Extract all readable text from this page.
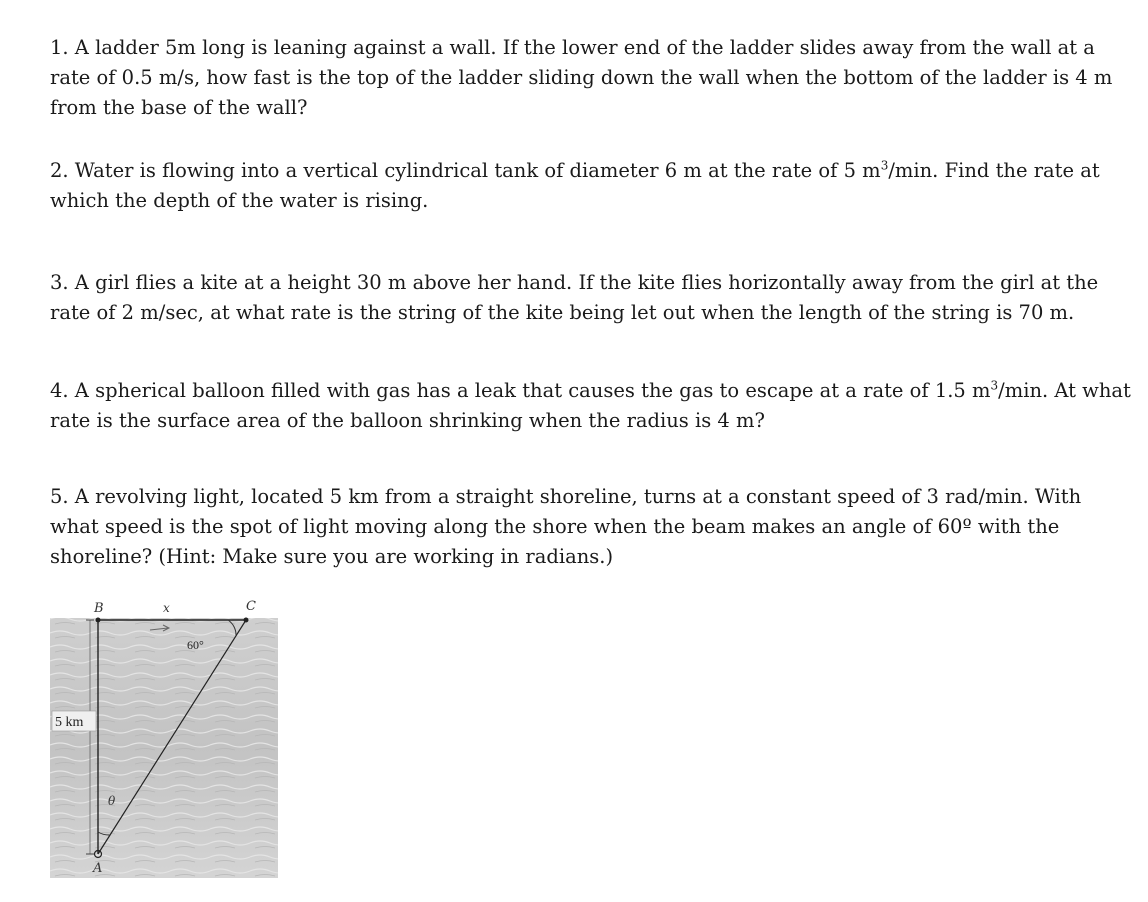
1. A ladder 5m long is leaning against a wall. If the lower end of the ladder slides away from the wall at a rate of 0.5 m/s, how fast is the top of the ladder sliding down the wall when the bottom of the ladder is 4 m from the base of the wall?

2. Water is flowing into a vertical cylindrical tank of diameter 6 m at the rate of 5 $m^3/\min$. Find the rate at which the depth of the water is rising.

3. A girl flies a kite at a height 30 m above her hand. If the kite flies horizontally away from the girl at the rate of 2 m/sec, at what rate is the string of the kite being let out when the length of the string is 70 m.

4. A spherical balloon filled with gas has a leak that causes the gas to escape at a rate of 1.5 $m^3/\min$. At what rate is the surface area of the balloon shrinking when the radius is 4 m?

5. A revolving light, located 5 km from a straight shoreline, turns at a constant speed of 3 rad/min. With what speed is the spot of light moving along the shore when the beam makes an angle of 60º with the shoreline? (Hint: Make sure you are working in radians.)

B	x	C
60°
θ
5 km
A
